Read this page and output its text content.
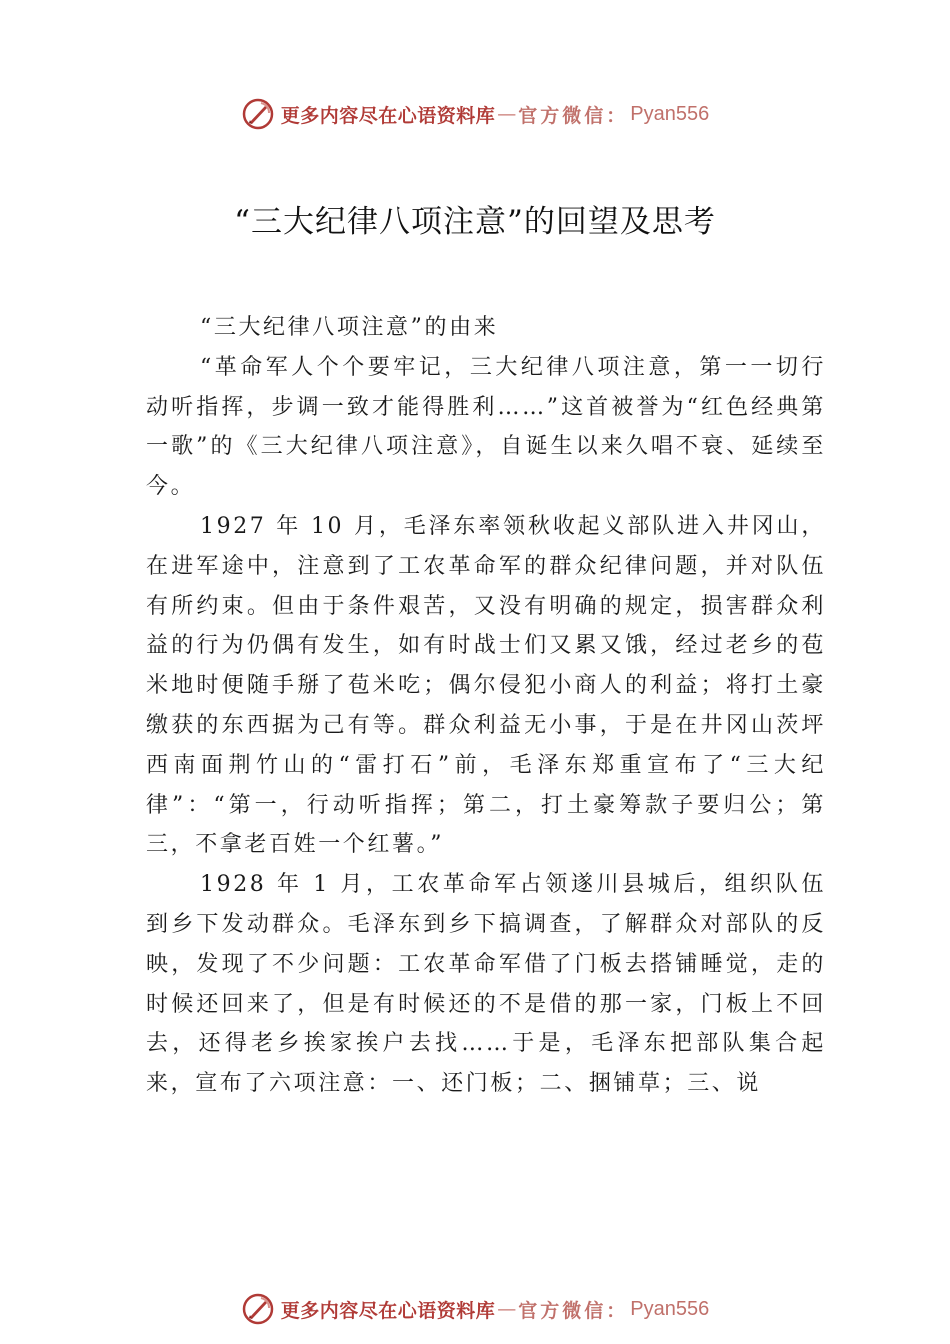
更多内容尽在心语资料库 — 官方微信： Pyan556
“三大纪律八项注意”的回望及思考

“三大纪律八项注意”的由来

“革命军人个个要牢记，三大纪律八项注意，第一一切行动听指挥，步调一致才能得胜利……”这首被誉为“红色经典第一歌”的《三大纪律八项注意》，自诞生以来久唱不衰、延续至今。

1927 年 10 月，毛泽东率领秋收起义部队进入井冈山，在进军途中，注意到了工农革命军的群众纪律问题，并对队伍有所约束。但由于条件艰苦，又没有明确的规定，损害群众利益的行为仍偶有发生，如有时战士们又累又饿，经过老乡的苞米地时便随手掰了苞米吃；偶尔侵犯小商人的利益；将打土豪缴获的东西据为己有等。群众利益无小事，于是在井冈山茨坪西南面荆竹山的“雷打石”前，毛泽东郑重宣布了“三大纪律”：“第一，行动听指挥；第二，打土豪筹款子要归公；第三，不拿老百姓一个红薯。”

1928 年 1 月，工农革命军占领遂川县城后，组织队伍到乡下发动群众。毛泽东到乡下搞调查，了解群众对部队的反映，发现了不少问题：工农革命军借了门板去搭铺睡觉，走的时候还回来了，但是有时候还的不是借的那一家，门板上不回去，还得老乡挨家挨户去找……于是，毛泽东把部队集合起来，宣布了六项注意：一、还门板；二、捆铺草；三、说

更多内容尽在心语资料库 — 官方微信： Pyan556
